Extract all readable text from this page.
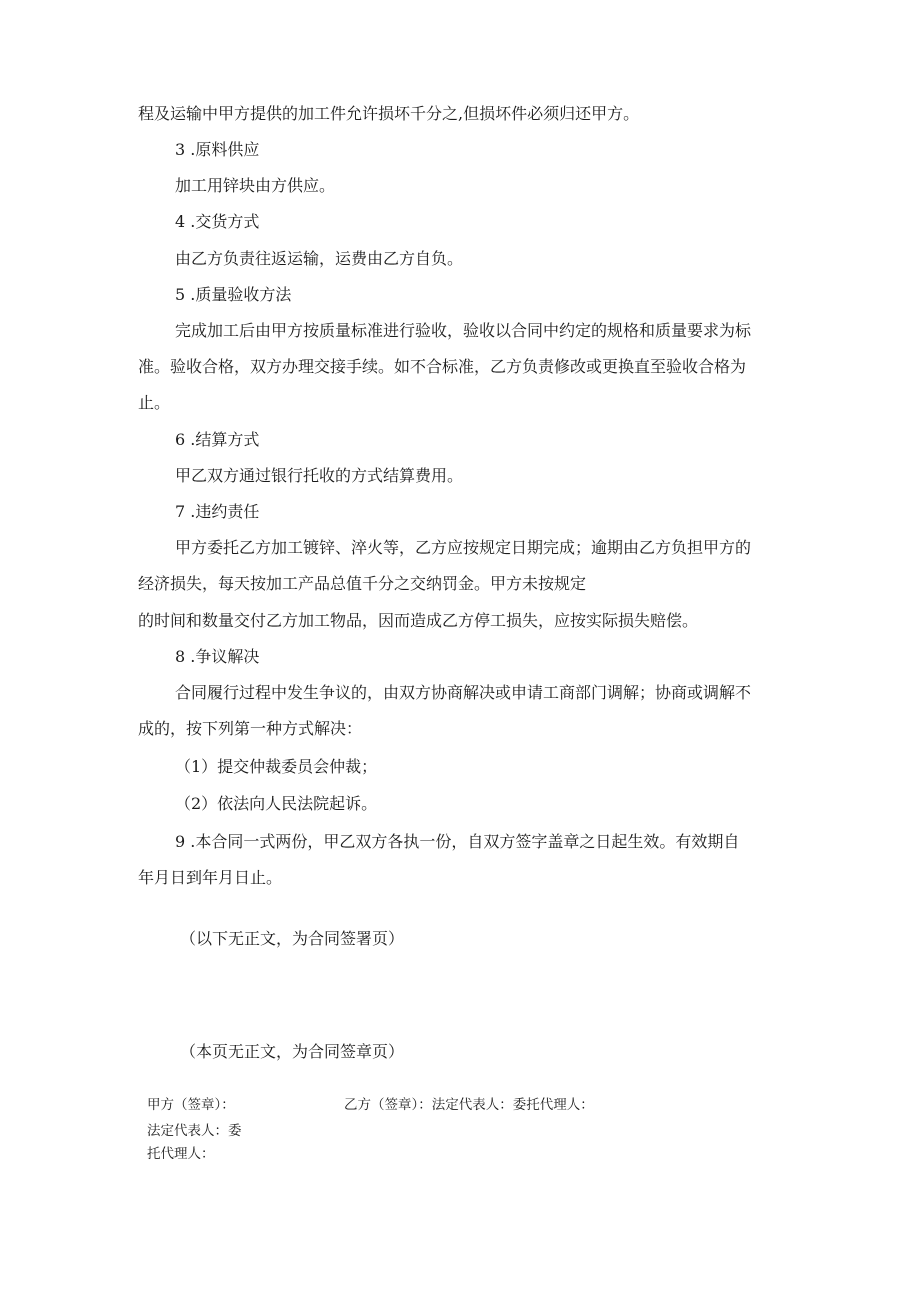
程及运输中甲方提供的加工件允许损坏千分之,但损坏件必须归还甲方。

3 .原料供应

加工用锌块由方供应。

4 .交货方式

由乙方负责往返运输，运费由乙方自负。

5 .质量验收方法

完成加工后由甲方按质量标准进行验收，验收以合同中约定的规格和质量要求为标

准。验收合格，双方办理交接手续。如不合标准，乙方负责修改或更换直至验收合格为

止。

6 .结算方式

甲乙双方通过银行托收的方式结算费用。

7 .违约责任

甲方委托乙方加工镀锌、淬火等，乙方应按规定日期完成；逾期由乙方负担甲方的

经济损失，每天按加工产品总值千分之交纳罚金。甲方未按规定

的时间和数量交付乙方加工物品，因而造成乙方停工损失，应按实际损失赔偿。

8 .争议解决

合同履行过程中发生争议的，由双方协商解决或申请工商部门调解；协商或调解不

成的，按下列第一种方式解决：

（1）提交仲裁委员会仲裁；

（2）依法向人民法院起诉。

9 .本合同一式两份，甲乙双方各执一份，自双方签字盖章之日起生效。有效期自

年月日到年月日止。

（以下无正文，为合同签署页）

（本页无正文，为合同签章页）

甲方（签章）：

法定代表人：委

托代理人：

乙方（签章）：法定代表人：委托代理人：
